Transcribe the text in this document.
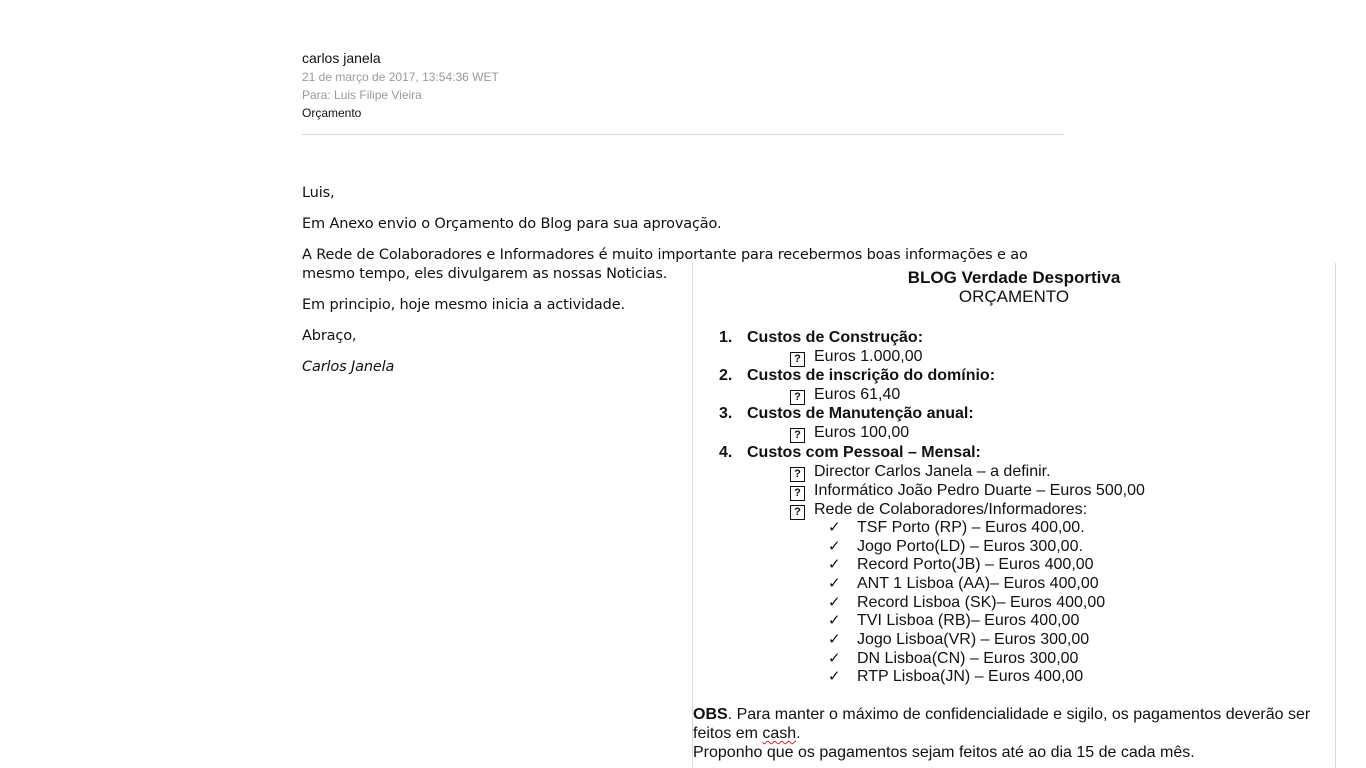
carlos janela
21 de março de 2017, 13:54:36 WET
Para: Luis Filipe Vieira
Orçamento
Luis,
Em Anexo envio o Orçamento do Blog para sua aprovação.
A Rede de Colaboradores e Informadores é muito importante para recebermos boas informações e ao
mesmo tempo, eles divulgarem as nossas Noticias.
Em principio, hoje mesmo inicia a actividade.
Abraço,
Carlos Janela
BLOG Verdade Desportiva
ORÇAMENTO
1. Custos de Construção:
? Euros 1.000,00
2. Custos de inscrição do domínio:
? Euros 61,40
3. Custos de Manutenção anual:
? Euros 100,00
4. Custos com Pessoal – Mensal:
? Director Carlos Janela – a definir.
? Informático João Pedro Duarte – Euros 500,00
? Rede de Colaboradores/Informadores:
✓ TSF Porto (RP) – Euros 400,00.
✓ Jogo Porto(LD) – Euros 300,00.
✓ Record Porto(JB) – Euros 400,00
✓ ANT 1 Lisboa (AA)– Euros 400,00
✓ Record Lisboa (SK)– Euros 400,00
✓ TVI Lisboa (RB)– Euros 400,00
✓ Jogo Lisboa(VR) – Euros 300,00
✓ DN Lisboa(CN) – Euros 300,00
✓ RTP Lisboa(JN) – Euros 400,00
OBS. Para manter o máximo de confidencialidade e sigilo, os pagamentos deverão ser
feitos em cash.
Proponho que os pagamentos sejam feitos até ao dia 15 de cada mês.
